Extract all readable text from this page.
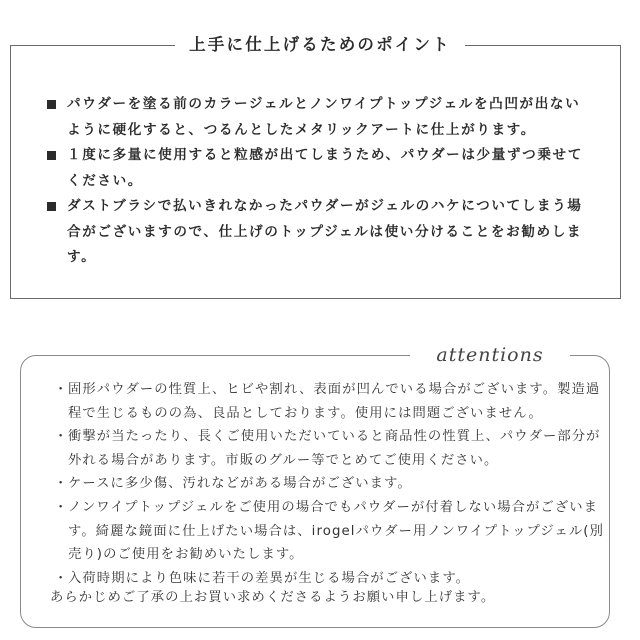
上手に仕上げるためのポイント
パウダーを塗る前のカラージェルとノンワイプトップジェルを凸凹が出ないように硬化すると、つるんとしたメタリックアートに仕上がります。
１度に多量に使用すると粒感が出てしまうため、パウダーは少量ずつ乗せてください。
ダストブラシで払いきれなかったパウダーがジェルのハケについてしまう場合がございますので、仕上げのトップジェルは使い分けることをお勧めします。
attentions
・ 固形パウダーの性質上、ヒビや割れ、表面が凹んでいる場合がございます。製造過程で生じるものの為、良品としております。使用には問題ございません。
・ 衝撃が当たったり、長くご使用いただいていると商品性の性質上、パウダー部分が外れる場合があります。市販のグルー等でとめてご使用ください。
・ ケースに多少傷、汚れなどがある場合がございます。
・ ノンワイプトップジェルをご使用の場合でもパウダーが付着しない場合がございます。綺麗な鏡面に仕上げたい場合は、irogelパウダー用ノンワイプトップジェル(別売り)のご使用をお勧めいたします。
・ 入荷時期により色味に若干の差異が生じる場合がございます。
あらかじめご了承の上お買い求めくださるようお願い申し上げます。
